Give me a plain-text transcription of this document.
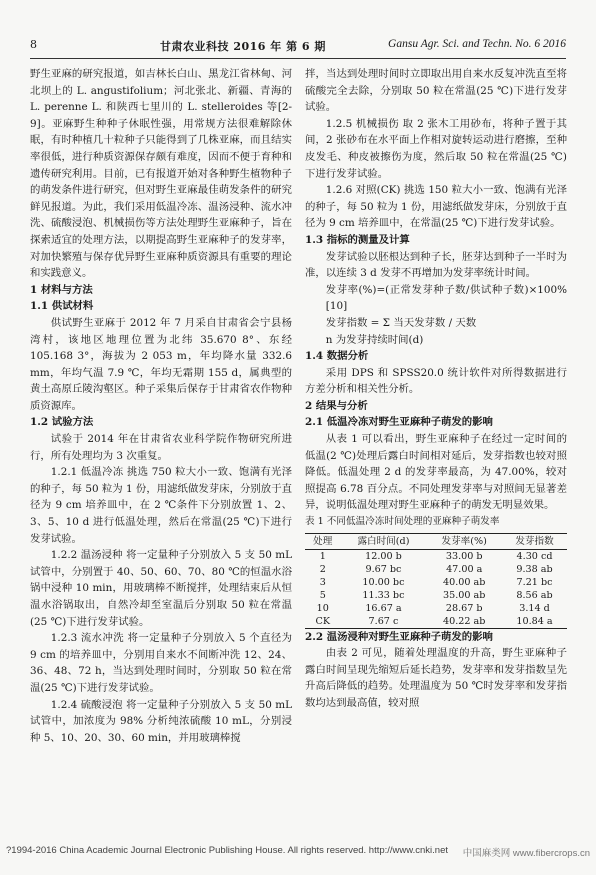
8	甘肃农业科技 2016 年 第 6 期	Gansu Agr. Sci. and Techn. No. 6 2016

野生亚麻的研究报道，如吉林长白山、黑龙江省林甸、河北坝上的 L. angustifolium；河北张北、新疆、青海的 L. perenne L. 和陕西七里川的 L. stelleroides 等[2-9]。亚麻野生种种子休眠性强，用常规方法很难解除休眠，有时种植几十粒种子只能得到了几株亚麻，而且结实率很低，进行种质资源保存颇有难度，因而不便于育种和遗传研究利用。目前，已有报道开始对各种野生植物种子的萌发条件进行研究，但对野生亚麻最佳萌发条件的研究鲜见报道。为此，我们采用低温冷冻、温汤浸种、流水冲洗、硫酸浸泡、机械损伤等方法处理野生亚麻种子，旨在探索适宜的处理方法，以期提高野生亚麻种子的发芽率，对加快繁殖与保存优异野生亚麻种质资源具有重要的理论和实践意义。

1 材料与方法

1.1 供试材料

供试野生亚麻于 2012 年 7 月采自甘肃省会宁县杨湾村，该地区地理位置为北纬 35.670 8°、东经 105.168 3°，海拔为 2 053 m，年均降水量 332.6 mm，年均气温 7.9 ℃，年均无霜期 155 d，属典型的黄土高原丘陵沟壑区。种子采集后保存于甘肃省农作物种质资源库。

1.2 试验方法

试验于 2014 年在甘肃省农业科学院作物研究所进行，所有处理均为 3 次重复。

1.2.1 低温冷冻 挑选 750 粒大小一致、饱满有光泽的种子，每 50 粒为 1 份，用滤纸做发芽床，分别放于直径为 9 cm 培养皿中，在 2 ℃条件下分别放置 1、2、3、5、10 d 进行低温处理，然后在常温(25 ℃)下进行发芽试验。

1.2.2 温汤浸种 将一定量种子分别放入 5 支 50 mL 试管中，分别置于 40、50、60、70、80 ℃的恒温水浴锅中浸种 10 min，用玻璃棒不断搅拌，处理结束后从恒温水浴锅取出，自然冷却至室温后分别取 50 粒在常温(25 ℃)下进行发芽试验。

1.2.3 流水冲洗 将一定量种子分别放入 5 个直径为 9 cm 的培养皿中，分别用自来水不间断冲洗 12、24、36、48、72 h，当达到处理时间时，分别取 50 粒在常温(25 ℃)下进行发芽试验。

1.2.4 硫酸浸泡 将一定量种子分别放入 5 支 50 mL 试管中，加浓度为 98% 分析纯浓硫酸 10 mL，分别浸种 5、10、20、30、60 min，并用玻璃棒搅

拌，当达到处理时间时立即取出用自来水反复冲洗直至将硫酸完全去除，分别取 50 粒在常温(25 ℃)下进行发芽试验。

1.2.5 机械损伤 取 2 张木工用砂布，将种子置于其间，2 张砂布在水平面上作相对旋转运动进行磨擦，至种皮发毛、种皮被擦伤为度，然后取 50 粒在常温(25 ℃)下进行发芽试验。

1.2.6 对照(CK) 挑选 150 粒大小一致、饱满有光泽的种子，每 50 粒为 1 份，用滤纸做发芽床，分别放于直径为 9 cm 培养皿中，在常温(25 ℃)下进行发芽试验。

1.3 指标的测量及计算

发芽试验以胚根达到种子长，胚芽达到种子一半时为准，以连续 3 d 发芽不再增加为发芽率统计时间。

发芽率(%)=(正常发芽种子数/供试种子数)×100%[10]

发芽指数 = Σ 当天发芽数 / 天数

n 为发芽持续时间(d)

1.4 数据分析

采用 DPS 和 SPSS20.0 统计软件对所得数据进行方差分析和相关性分析。

2 结果与分析

2.1 低温冷冻对野生亚麻种子萌发的影响

从表 1 可以看出，野生亚麻种子在经过一定时间的低温(2 ℃)处理后露白时间相对延后，发芽指数也较对照降低。低温处理 2 d 的发芽率最高，为 47.00%，较对照提高 6.78 百分点。不同处理发芽率与对照间无显著差异，说明低温处理对野生亚麻种子的萌发无明显效果。

表 1 不同低温冷冻时间处理的亚麻种子萌发率

处理	露白时间(d)	发芽率(%)	发芽指数
1	12.00 b	33.00 b	4.30 cd
2	9.67 bc	47.00 a	9.38 ab
3	10.00 bc	40.00 ab	7.21 bc
5	11.33 bc	35.00 ab	8.56 ab
10	16.67 a	28.67 b	3.14 d
CK	7.67 c	40.22 ab	10.84 a

2.2 温汤浸种对野生亚麻种子萌发的影响

由表 2 可见，随着处理温度的升高，野生亚麻种子露白时间呈现先缩短后延长趋势，发芽率和发芽指数呈先升高后降低的趋势。处理温度为 50 ℃时发芽率和发芽指数均达到最高值，较对照

?1994-2016 China Academic Journal Electronic Publishing House. All rights reserved. http://www.cnki.net 中国麻类网 www.fibercrops.cn
